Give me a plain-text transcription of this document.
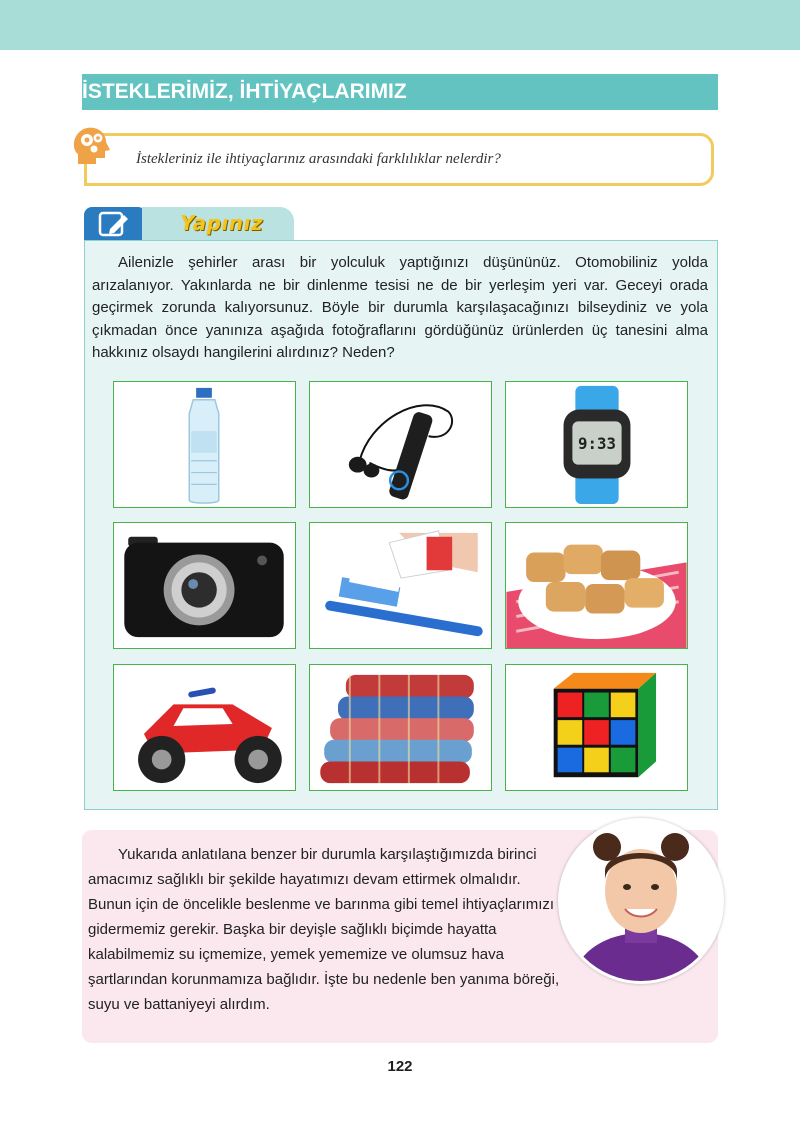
İSTEKLERİMİZ, İHTİYAÇLARIMIZ
İstekleriniz ile ihtiyaçlarınız arasındaki farklılıklar nelerdir?
Yapınız

Ailenizle şehirler arası bir yolculuk yaptığınızı düşününüz. Otomobiliniz yolda arızalanıyor. Yakınlarda ne bir dinlenme tesisi ne de bir yerleşim yeri var. Geceyi orada geçirmek zorunda kalıyorsunuz. Böyle bir durumla karşılaşacağınızı bilseydiniz ve yola çıkmadan önce yanınıza aşağıda fotoğraflarını gördüğünüz ürünlerden üç tanesini alma hakkınız olsaydı hangilerini alırdınız? Neden?

9:33

Yukarıda anlatılana benzer bir durumla karşılaştığımızda birinci amacımız sağlıklı bir şekilde hayatımızı devam ettirmek olmalıdır. Bunun için de öncelikle beslenme ve barınma gibi temel ihtiyaçlarımızı gidermemiz gerekir. Başka bir deyişle sağlıklı biçimde hayatta kalabilmemiz su içmemize, yemek yememize ve olumsuz hava şartlarından korunmamıza bağlıdır. İşte bu nedenle ben yanıma böreği, suyu ve battaniyeyi alırdım.

122
